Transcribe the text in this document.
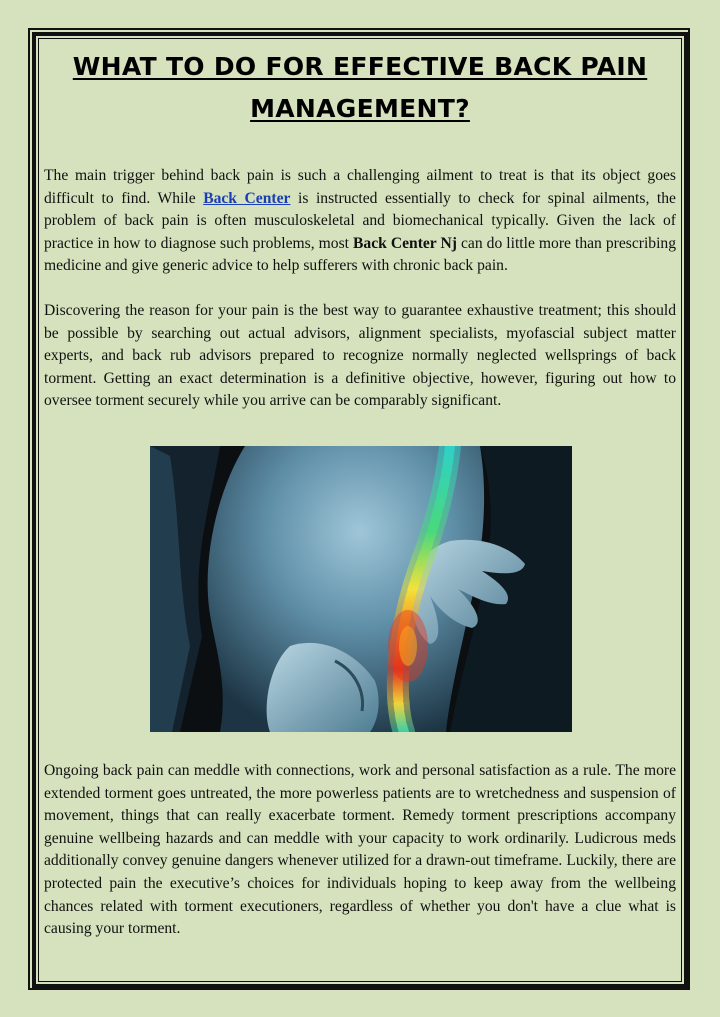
WHAT TO DO FOR EFFECTIVE BACK PAIN
MANAGEMENT?

The main trigger behind back pain is such a challenging ailment to treat is that its object goes difficult to find. While Back Center is instructed essentially to check for spinal ailments, the problem of back pain is often musculoskeletal and biomechanical typically. Given the lack of practice in how to diagnose such problems, most Back Center Nj can do little more than prescribing medicine and give generic advice to help sufferers with chronic back pain.

Discovering the reason for your pain is the best way to guarantee exhaustive treatment; this should be possible by searching out actual advisors, alignment specialists, myofascial subject matter experts, and back rub advisors prepared to recognize normally neglected wellsprings of back torment. Getting an exact determination is a definitive objective, however, figuring out how to oversee torment securely while you arrive can be comparably significant.

Ongoing back pain can meddle with connections, work and personal satisfaction as a rule. The more extended torment goes untreated, the more powerless patients are to wretchedness and suspension of movement, things that can really exacerbate torment. Remedy torment prescriptions accompany genuine wellbeing hazards and can meddle with your capacity to work ordinarily. Ludicrous meds additionally convey genuine dangers whenever utilized for a drawn-out timeframe. Luckily, there are protected pain the executive’s choices for individuals hoping to keep away from the wellbeing chances related with torment executioners, regardless of whether you don't have a clue what is causing your torment.
